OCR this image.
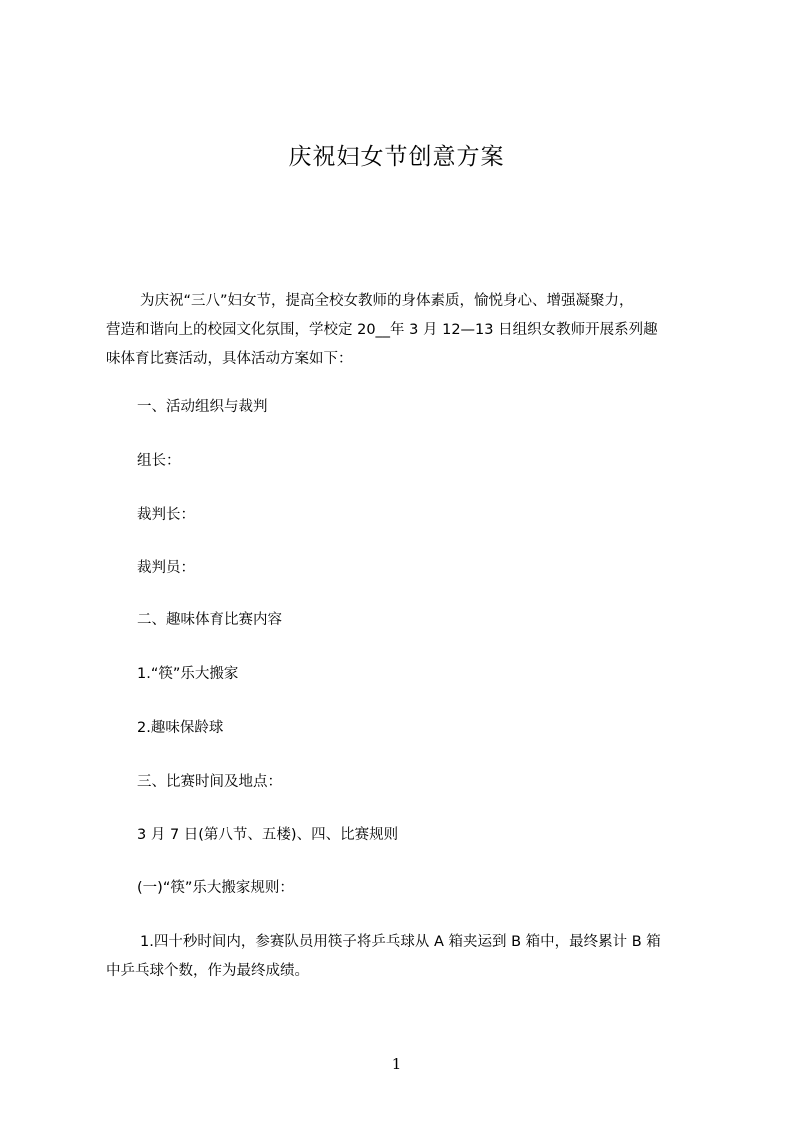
庆祝妇女节创意方案
为庆祝“三八”妇女节，提高全校女教师的身体素质，愉悦身心、增强凝聚力，
营造和谐向上的校园文化氛围，学校定 20__年 3 月 12—13 日组织女教师开展系列趣
味体育比赛活动，具体活动方案如下：
一、活动组织与裁判
组长：
裁判长：
裁判员：
二、趣味体育比赛内容
1.“筷”乐大搬家
2.趣味保龄球
三、比赛时间及地点：
3 月 7 日(第八节、五楼)、四、比赛规则
(一)“筷”乐大搬家规则：
1.四十秒时间内，参赛队员用筷子将乒乓球从 A 箱夹运到 B 箱中，最终累计 B 箱
中乒乓球个数，作为最终成绩。
1
